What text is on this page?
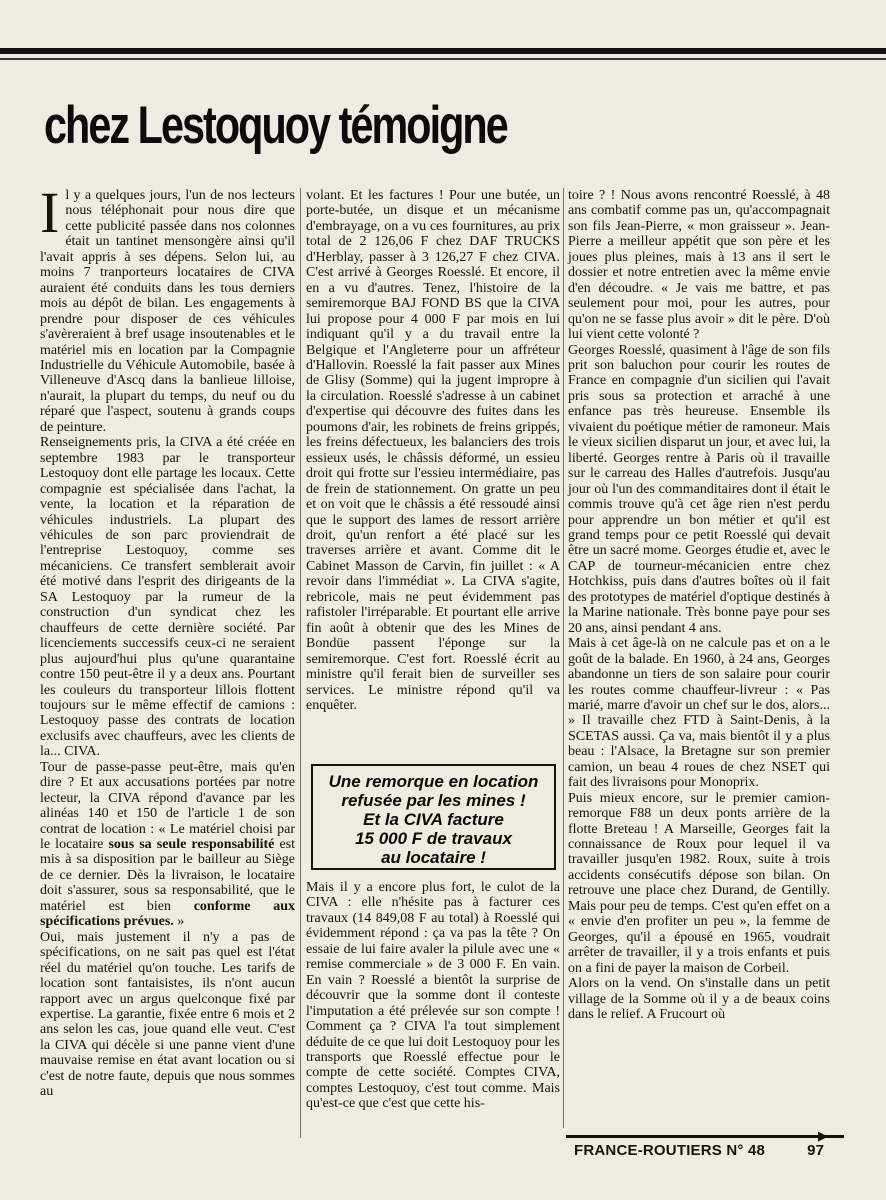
chez Lestoquoy témoigne

Il y a quelques jours, l'un de nos lecteurs nous téléphonait pour nous dire que cette publicité passée dans nos colonnes était un tantinet mensongère ainsi qu'il l'avait appris à ses dépens. Selon lui, au moins 7 tranporteurs locataires de CIVA auraient été conduits dans les tous derniers mois au dépôt de bilan. Les engagements à prendre pour disposer de ces véhicules s'avèreraient à bref usage insoutenables et le matériel mis en location par la Compagnie Industrielle du Véhicule Automobile, basée à Villeneuve d'Ascq dans la banlieue lilloise, n'aurait, la plupart du temps, du neuf ou du réparé que l'aspect, soutenu à grands coups de peinture.

Renseignements pris, la CIVA a été créée en septembre 1983 par le transporteur Lestoquoy dont elle partage les locaux. Cette compagnie est spécialisée dans l'achat, la vente, la location et la réparation de véhicules industriels. La plupart des véhicules de son parc proviendrait de l'entreprise Lestoquoy, comme ses mécaniciens. Ce transfert semblerait avoir été motivé dans l'esprit des dirigeants de la SA Lestoquoy par la rumeur de la construction d'un syndicat chez les chauffeurs de cette dernière société. Par licenciements successifs ceux-ci ne seraient plus aujourd'hui plus qu'une quarantaine contre 150 peut-être il y a deux ans. Pourtant les couleurs du transporteur lillois flottent toujours sur le même effectif de camions : Lestoquoy passe des contrats de location exclusifs avec chauffeurs, avec les clients de la... CIVA.

Tour de passe-passe peut-être, mais qu'en dire ? Et aux accusations portées par notre lecteur, la CIVA répond d'avance par les alinéas 140 et 150 de l'article 1 de son contrat de location : « Le matériel choisi par le locataire sous sa seule responsabilité est mis à sa disposition par le bailleur au Siège de ce dernier. Dès la livraison, le locataire doit s'assurer, sous sa responsabilité, que le matériel est bien conforme aux spécifications prévues. »

Oui, mais justement il n'y a pas de spécifications, on ne sait pas quel est l'état réel du matériel qu'on touche. Les tarifs de location sont fantaisistes, ils n'ont aucun rapport avec un argus quelconque fixé par expertise. La garantie, fixée entre 6 mois et 2 ans selon les cas, joue quand elle veut. C'est la CIVA qui décèle si une panne vient d'une mauvaise remise en état avant location ou si c'est de notre faute, depuis que nous sommes au

volant. Et les factures ! Pour une butée, un porte-butée, un disque et un mécanisme d'embrayage, on a vu ces fournitures, au prix total de 2 126,06 F chez DAF TRUCKS d'Herblay, passer à 3 126,27 F chez CIVA. C'est arrivé à Georges Roesslé. Et encore, il en a vu d'autres. Tenez, l'histoire de la semiremorque BAJ FOND BS que la CIVA lui propose pour 4 000 F par mois en lui indiquant qu'il y a du travail entre la Belgique et l'Angleterre pour un affréteur d'Hallovin. Roesslé la fait passer aux Mines de Glisy (Somme) qui la jugent impropre à la circulation. Roesslé s'adresse à un cabinet d'expertise qui découvre des fuites dans les poumons d'air, les robinets de freins grippés, les freins défectueux, les balanciers des trois essieux usés, le châssis déformé, un essieu droit qui frotte sur l'essieu intermédiaire, pas de frein de stationnement. On gratte un peu et on voit que le châssis a été ressoudé ainsi que le support des lames de ressort arrière droit, qu'un renfort a été placé sur les traverses arrière et avant. Comme dit le Cabinet Masson de Carvin, fin juillet : « A revoir dans l'immédiat ». La CIVA s'agite, rebricole, mais ne peut évidemment pas rafistoler l'irréparable. Et pourtant elle arrive fin août à obtenir que des les Mines de Bondüe passent l'éponge sur la semiremorque. C'est fort. Roesslé écrit au ministre qu'il ferait bien de surveiller ses services. Le ministre répond qu'il va enquêter.

Une remorque en location
refusée par les mines !
Et la CIVA facture
15 000 F de travaux
au locataire !

Mais il y a encore plus fort, le culot de la CIVA : elle n'hésite pas à facturer ces travaux (14 849,08 F au total) à Roesslé qui évidemment répond : ça va pas la tête ? On essaie de lui faire avaler la pilule avec une « remise commerciale » de 3 000 F. En vain. En vain ? Roesslé a bientôt la surprise de découvrir que la somme dont il conteste l'imputation a été prélevée sur son compte ! Comment ça ? CIVA l'a tout simplement déduite de ce que lui doit Lestoquoy pour les transports que Roesslé effectue pour le compte de cette société. Comptes CIVA, comptes Lestoquoy, c'est tout comme. Mais qu'est-ce que c'est que cette his-

toire ? ! Nous avons rencontré Roesslé, à 48 ans combatif comme pas un, qu'accompagnait son fils Jean-Pierre, « mon graisseur ». Jean-Pierre a meilleur appétit que son père et les joues plus pleines, mais à 13 ans il sert le dossier et notre entretien avec la même envie d'en découdre. « Je vais me battre, et pas seulement pour moi, pour les autres, pour qu'on ne se fasse plus avoir » dit le père. D'où lui vient cette volonté ?

Georges Roesslé, quasiment à l'âge de son fils prit son baluchon pour courir les routes de France en compagnie d'un sicilien qui l'avait pris sous sa protection et arraché à une enfance pas très heureuse. Ensemble ils vivaient du poétique métier de ramoneur. Mais le vieux sicilien disparut un jour, et avec lui, la liberté. Georges rentre à Paris où il travaille sur le carreau des Halles d'autrefois. Jusqu'au jour où l'un des commanditaires dont il était le commis trouve qu'à cet âge rien n'est perdu pour apprendre un bon métier et qu'il est grand temps pour ce petit Roesslé qui devait être un sacré mome. Georges étudie et, avec le CAP de tourneur-mécanicien entre chez Hotchkiss, puis dans d'autres boîtes où il fait des prototypes de matériel d'optique destinés à la Marine nationale. Très bonne paye pour ses 20 ans, ainsi pendant 4 ans.

Mais à cet âge-là on ne calcule pas et on a le goût de la balade. En 1960, à 24 ans, Georges abandonne un tiers de son salaire pour courir les routes comme chauffeur-livreur : « Pas marié, marre d'avoir un chef sur le dos, alors... » Il travaille chez FTD à Saint-Denis, à la SCETAS aussi. Ça va, mais bientôt il y a plus beau : l'Alsace, la Bretagne sur son premier camion, un beau 4 roues de chez NSET qui fait des livraisons pour Monoprix.

Puis mieux encore, sur le premier camion-remorque F88 un deux ponts arrière de la flotte Breteau ! A Marseille, Georges fait la connaissance de Roux pour lequel il va travailler jusqu'en 1982. Roux, suite à trois accidents consécutifs dépose son bilan. On retrouve une place chez Durand, de Gentilly. Mais pour peu de temps. C'est qu'en effet on a « envie d'en profiter un peu », la femme de Georges, qu'il a épousé en 1965, voudrait arrêter de travailler, il y a trois enfants et puis on a fini de payer la maison de Corbeil.

Alors on la vend. On s'installe dans un petit village de la Somme où il y a de beaux coins dans le relief. A Frucourt où

FRANCE-ROUTIERS N° 48	97
